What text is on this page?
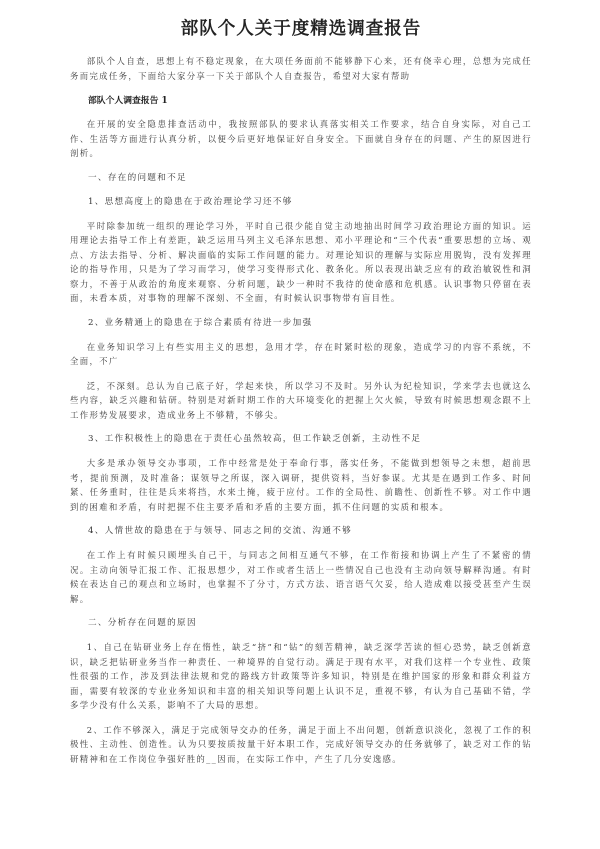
部队个人关于度精选调查报告

部队个人自查，思想上有不稳定现象，在大项任务面前不能够静下心来，还有侥幸心理，总想为完成任务而完成任务，下面给大家分享一下关于部队个人自查报告，希望对大家有帮助

部队个人调查报告 1

在开展的安全隐患排查活动中，我按照部队的要求认真落实相关工作要求，结合自身实际，对自己工作、生活等方面进行认真分析，以便今后更好地保证好自身安全。下面就自身存在的问题、产生的原因进行剖析。

一、存在的问题和不足

1、思想高度上的隐患在于政治理论学习还不够

平时除参加统一组织的理论学习外，平时自己很少能自觉主动地抽出时间学习政治理论方面的知识。运用理论去指导工作上有差距，缺乏运用马列主义毛泽东思想、邓小平理论和“三个代表”重要思想的立场、观点、方法去指导、分析、解决面临的实际工作问题的能力。对理论知识的理解与实际应用脱钩，没有发挥理论的指导作用，只是为了学习而学习，使学习变得形式化、教条化。所以表现出缺乏应有的政治敏锐性和洞察力，不善于从政治的角度来观察、分析问题，缺少一种时不我待的使命感和危机感。认识事物只停留在表面，未看本质，对事物的理解不深刻、不全面，有时候认识事物带有盲目性。

2、业务精通上的隐患在于综合素质有待进一步加强

在业务知识学习上有些实用主义的思想，急用才学，存在时紧时松的现象，造成学习的内容不系统，不全面，不广

泛，不深刻。总认为自己底子好，学起来快，所以学习不及时。另外认为纪检知识，学来学去也就这么些内容，缺乏兴趣和钻研。特别是对新时期工作的大环境变化的把握上欠火候，导致有时候思想观念跟不上工作形势发展要求，造成业务上不够精，不够尖。

3、工作积极性上的隐患在于责任心虽然较高，但工作缺乏创新，主动性不足

大多是承办领导交办事项，工作中经常是处于奉命行事，落实任务，不能做到想领导之未想，超前思考，提前预测，及时准备；谋领导之所谋，深入调研，提供资料，当好参谋。尤其是在遇到工作多、时间紧、任务重时，往往是兵来将挡，水来土掩，疲于应付。工作的全局性、前瞻性、创新性不够。对工作中遇到的困难和矛盾，有时把握不住主要矛盾和矛盾的主要方面，抓不住问题的实质和根本。

4、人情世故的隐患在于与领导、同志之间的交流、沟通不够

在工作上有时候只顾埋头自己干，与同志之间相互通气不够，在工作衔接和协调上产生了不紧密的情况。主动向领导汇报工作、汇报思想少，对工作或者生活上一些情况自己也没有主动向领导解释沟通。有时候在表达自己的观点和立场时，也掌握不了分寸，方式方法、语言语气欠妥，给人造成难以接受甚至产生误解。

二、分析存在问题的原因

1、自己在钻研业务上存在惰性，缺乏“挤”和“钻”的刻苦精神，缺乏深学苦读的恒心恐势，缺乏创新意识，缺乏把钻研业务当作一种责任、一种境界的自觉行动。满足于现有水平，对我们这样一个专业性、政策性很强的工作，涉及到法律法规和党的路线方针政策等许多知识，特别是在维护国家的形象和群众利益方面，需要有较深的专业业务知识和丰富的相关知识等问题上认识不足，重视不够，有认为自己基础不错，学多学少没有什么关系，影响不了大局的思想。

2、工作不够深入，满足于完成领导交办的任务，满足于面上不出问题，创新意识淡化，忽视了工作的积极性、主动性、创造性。认为只要按质按量干好本职工作，完成好领导交办的任务就够了，缺乏对工作的钻研精神和在工作岗位争强好胜的__因而，在实际工作中，产生了几分安逸感。
